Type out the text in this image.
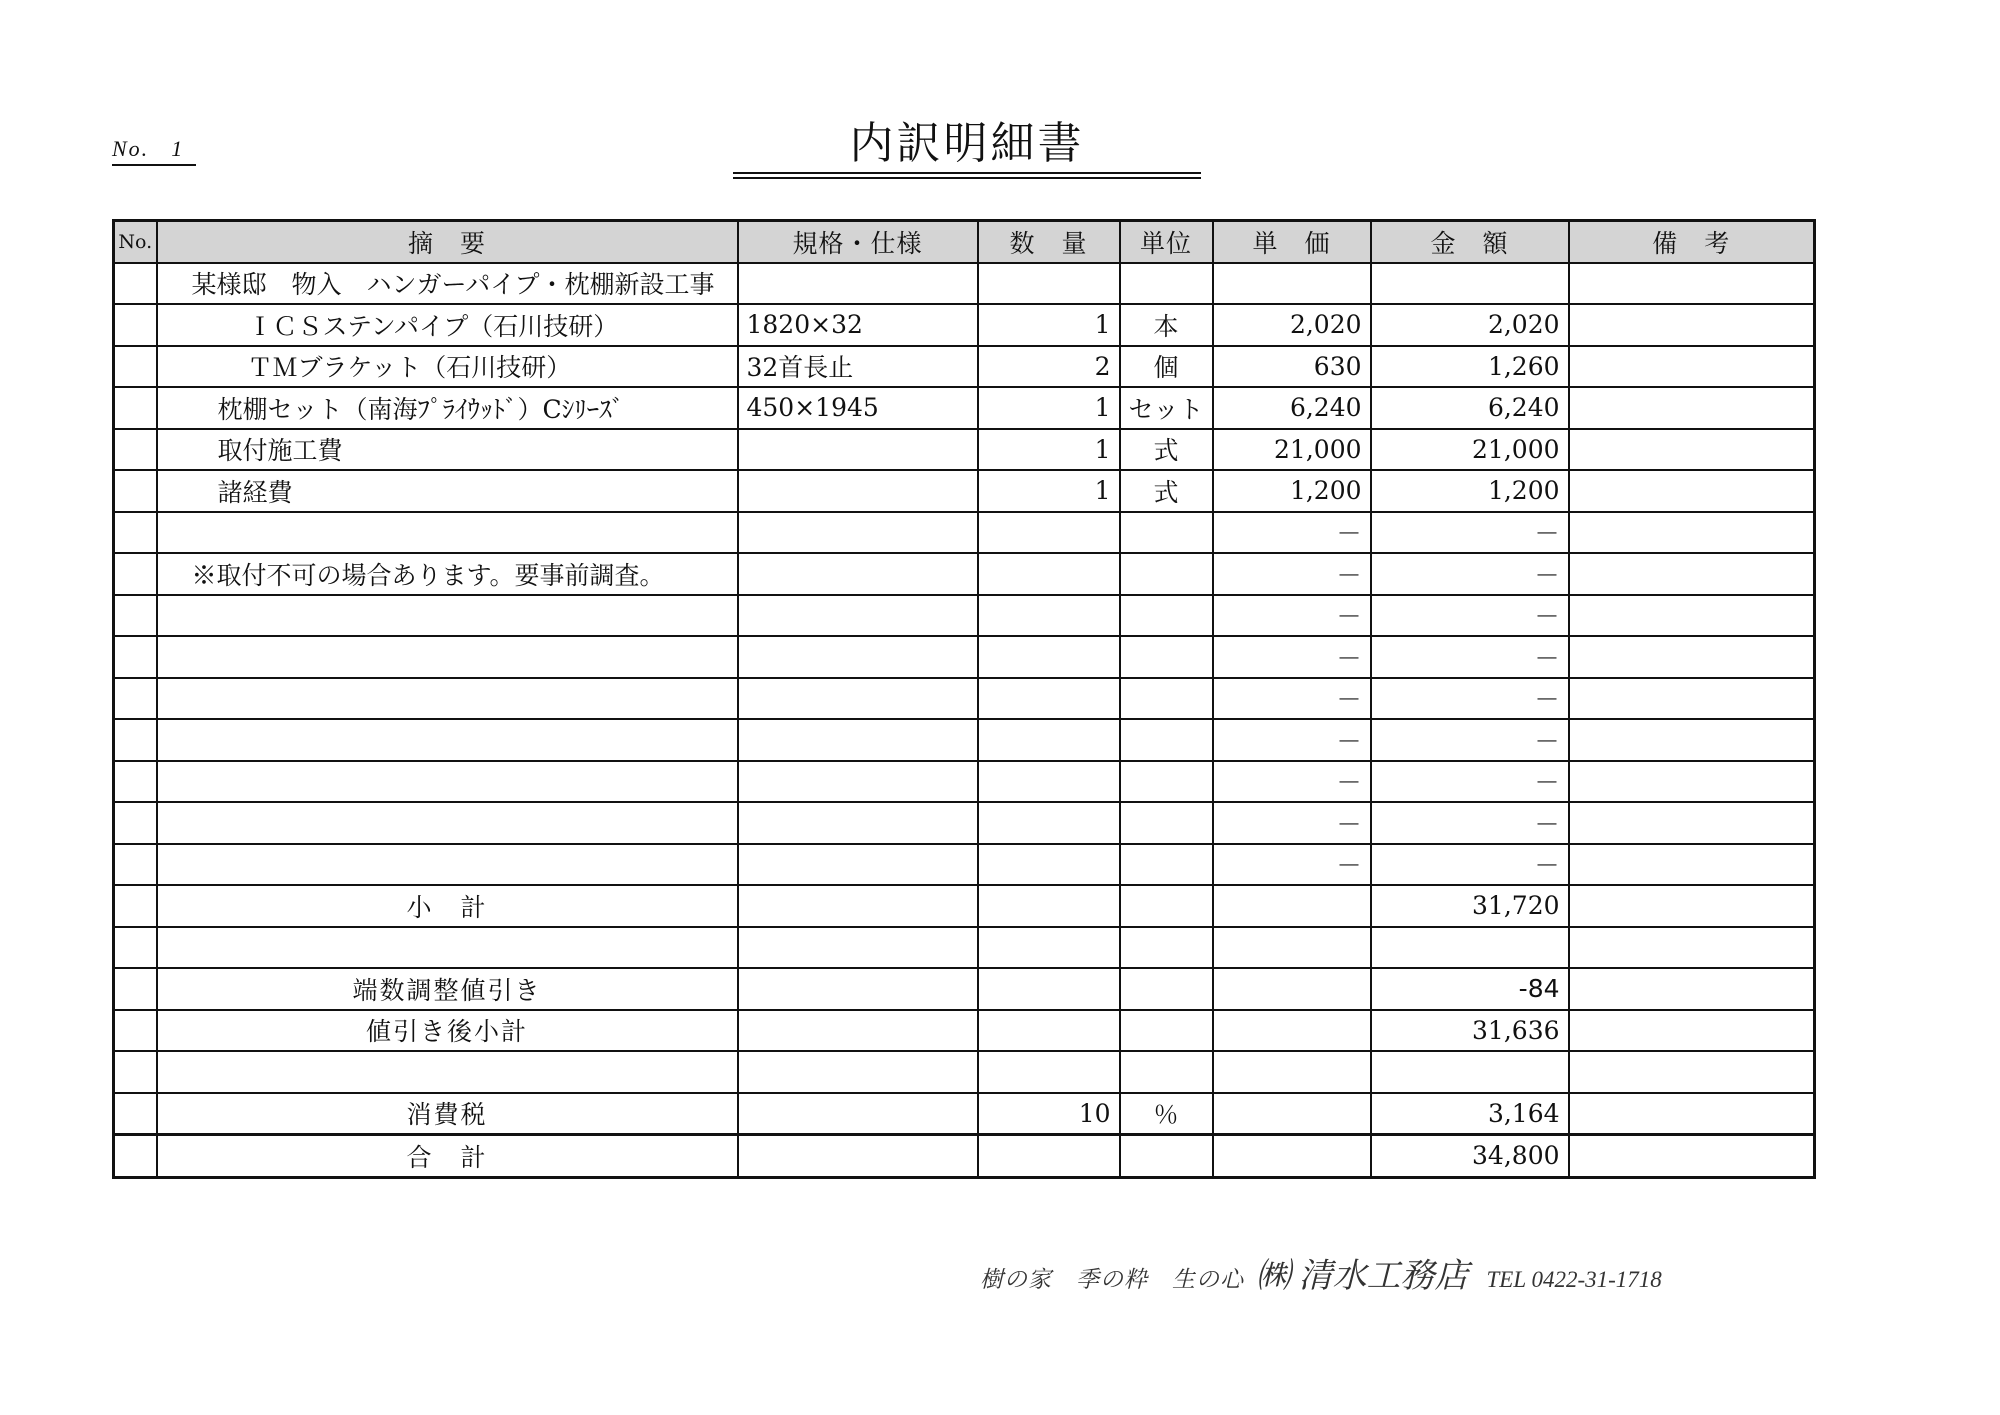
No. 1	内訳明細書
No.	摘　要	規格・仕様	数　量	単位	単　価	金　額	備　考
	某様邸　物入　ハンガーパイプ・枕棚新設工事						
	ＩＣＳステンパイプ（石川技研）	1820×32	1	本	2,020	2,020	
	ＴＭブラケット（石川技研）	32首長止	2	個	630	1,260	
	枕棚セット（南海ﾌﾟﾗｲｳｯﾄﾞ）Cｼﾘｰｽﾞ	450×1945	1	セット	6,240	6,240	
	取付施工費		1	式	21,000	21,000	
	諸経費		1	式	1,200	1,200	
					－	－	
	※取付不可の場合あります。要事前調査。				－	－	
					－	－	
					－	－	
					－	－	
					－	－	
					－	－	
					－	－	
					－	－	
	小　計					31,720	

	端数調整値引き					-84	
	値引き後小計					31,636	

	消費税		10	％		3,164	
	合　計					34,800	
樹の家　季の粋　生の心 ㈱ 清水工務店 TEL 0422-31-1718
